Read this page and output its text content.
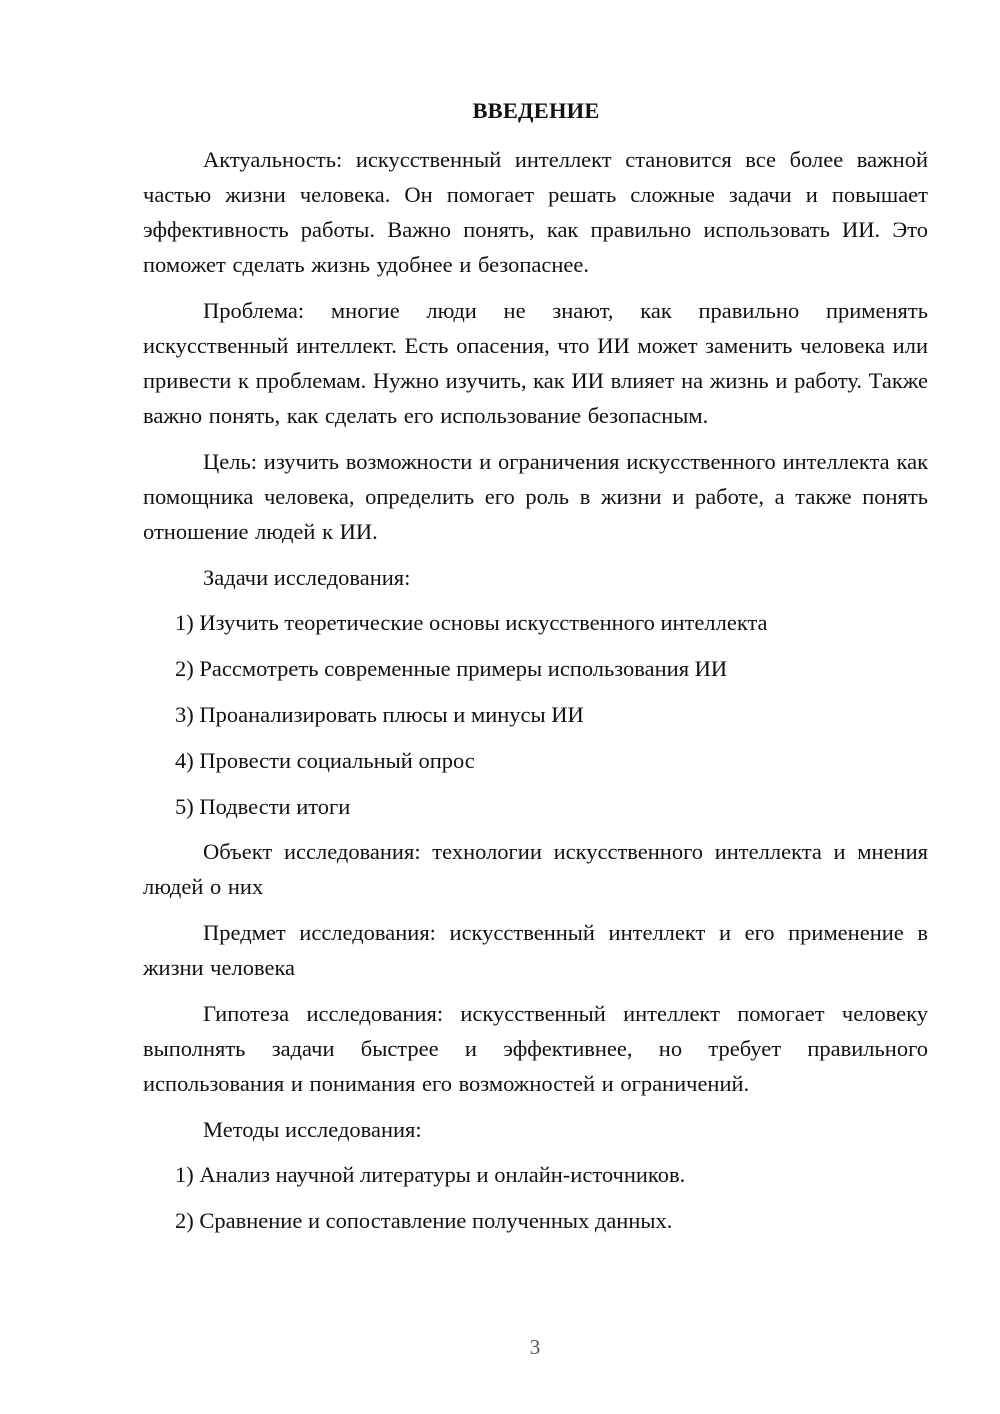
ВВЕДЕНИЕ

Актуальность: искусственный интеллект становится все более важной частью жизни человека. Он помогает решать сложные задачи и повышает эффективность работы. Важно понять, как правильно использовать ИИ. Это поможет сделать жизнь удобнее и безопаснее.

Проблема: многие люди не знают, как правильно применять искусственный интеллект. Есть опасения, что ИИ может заменить человека или привести к проблемам. Нужно изучить, как ИИ влияет на жизнь и работу. Также важно понять, как сделать его использование безопасным.

Цель: изучить возможности и ограничения искусственного интеллекта как помощника человека, определить его роль в жизни и работе, а также понять отношение людей к ИИ.

Задачи исследования:

1) Изучить теоретические основы искусственного интеллекта
2) Рассмотреть современные примеры использования ИИ
3) Проанализировать плюсы и минусы ИИ
4) Провести социальный опрос
5) Подвести итоги

Объект исследования: технологии искусственного интеллекта и мнения людей о них

Предмет исследования: искусственный интеллект и его применение в жизни человека

Гипотеза исследования: искусственный интеллект помогает человеку выполнять задачи быстрее и эффективнее, но требует правильного использования и понимания его возможностей и ограничений.

Методы исследования:

1) Анализ научной литературы и онлайн-источников.
2) Сравнение и сопоставление полученных данных.
3
